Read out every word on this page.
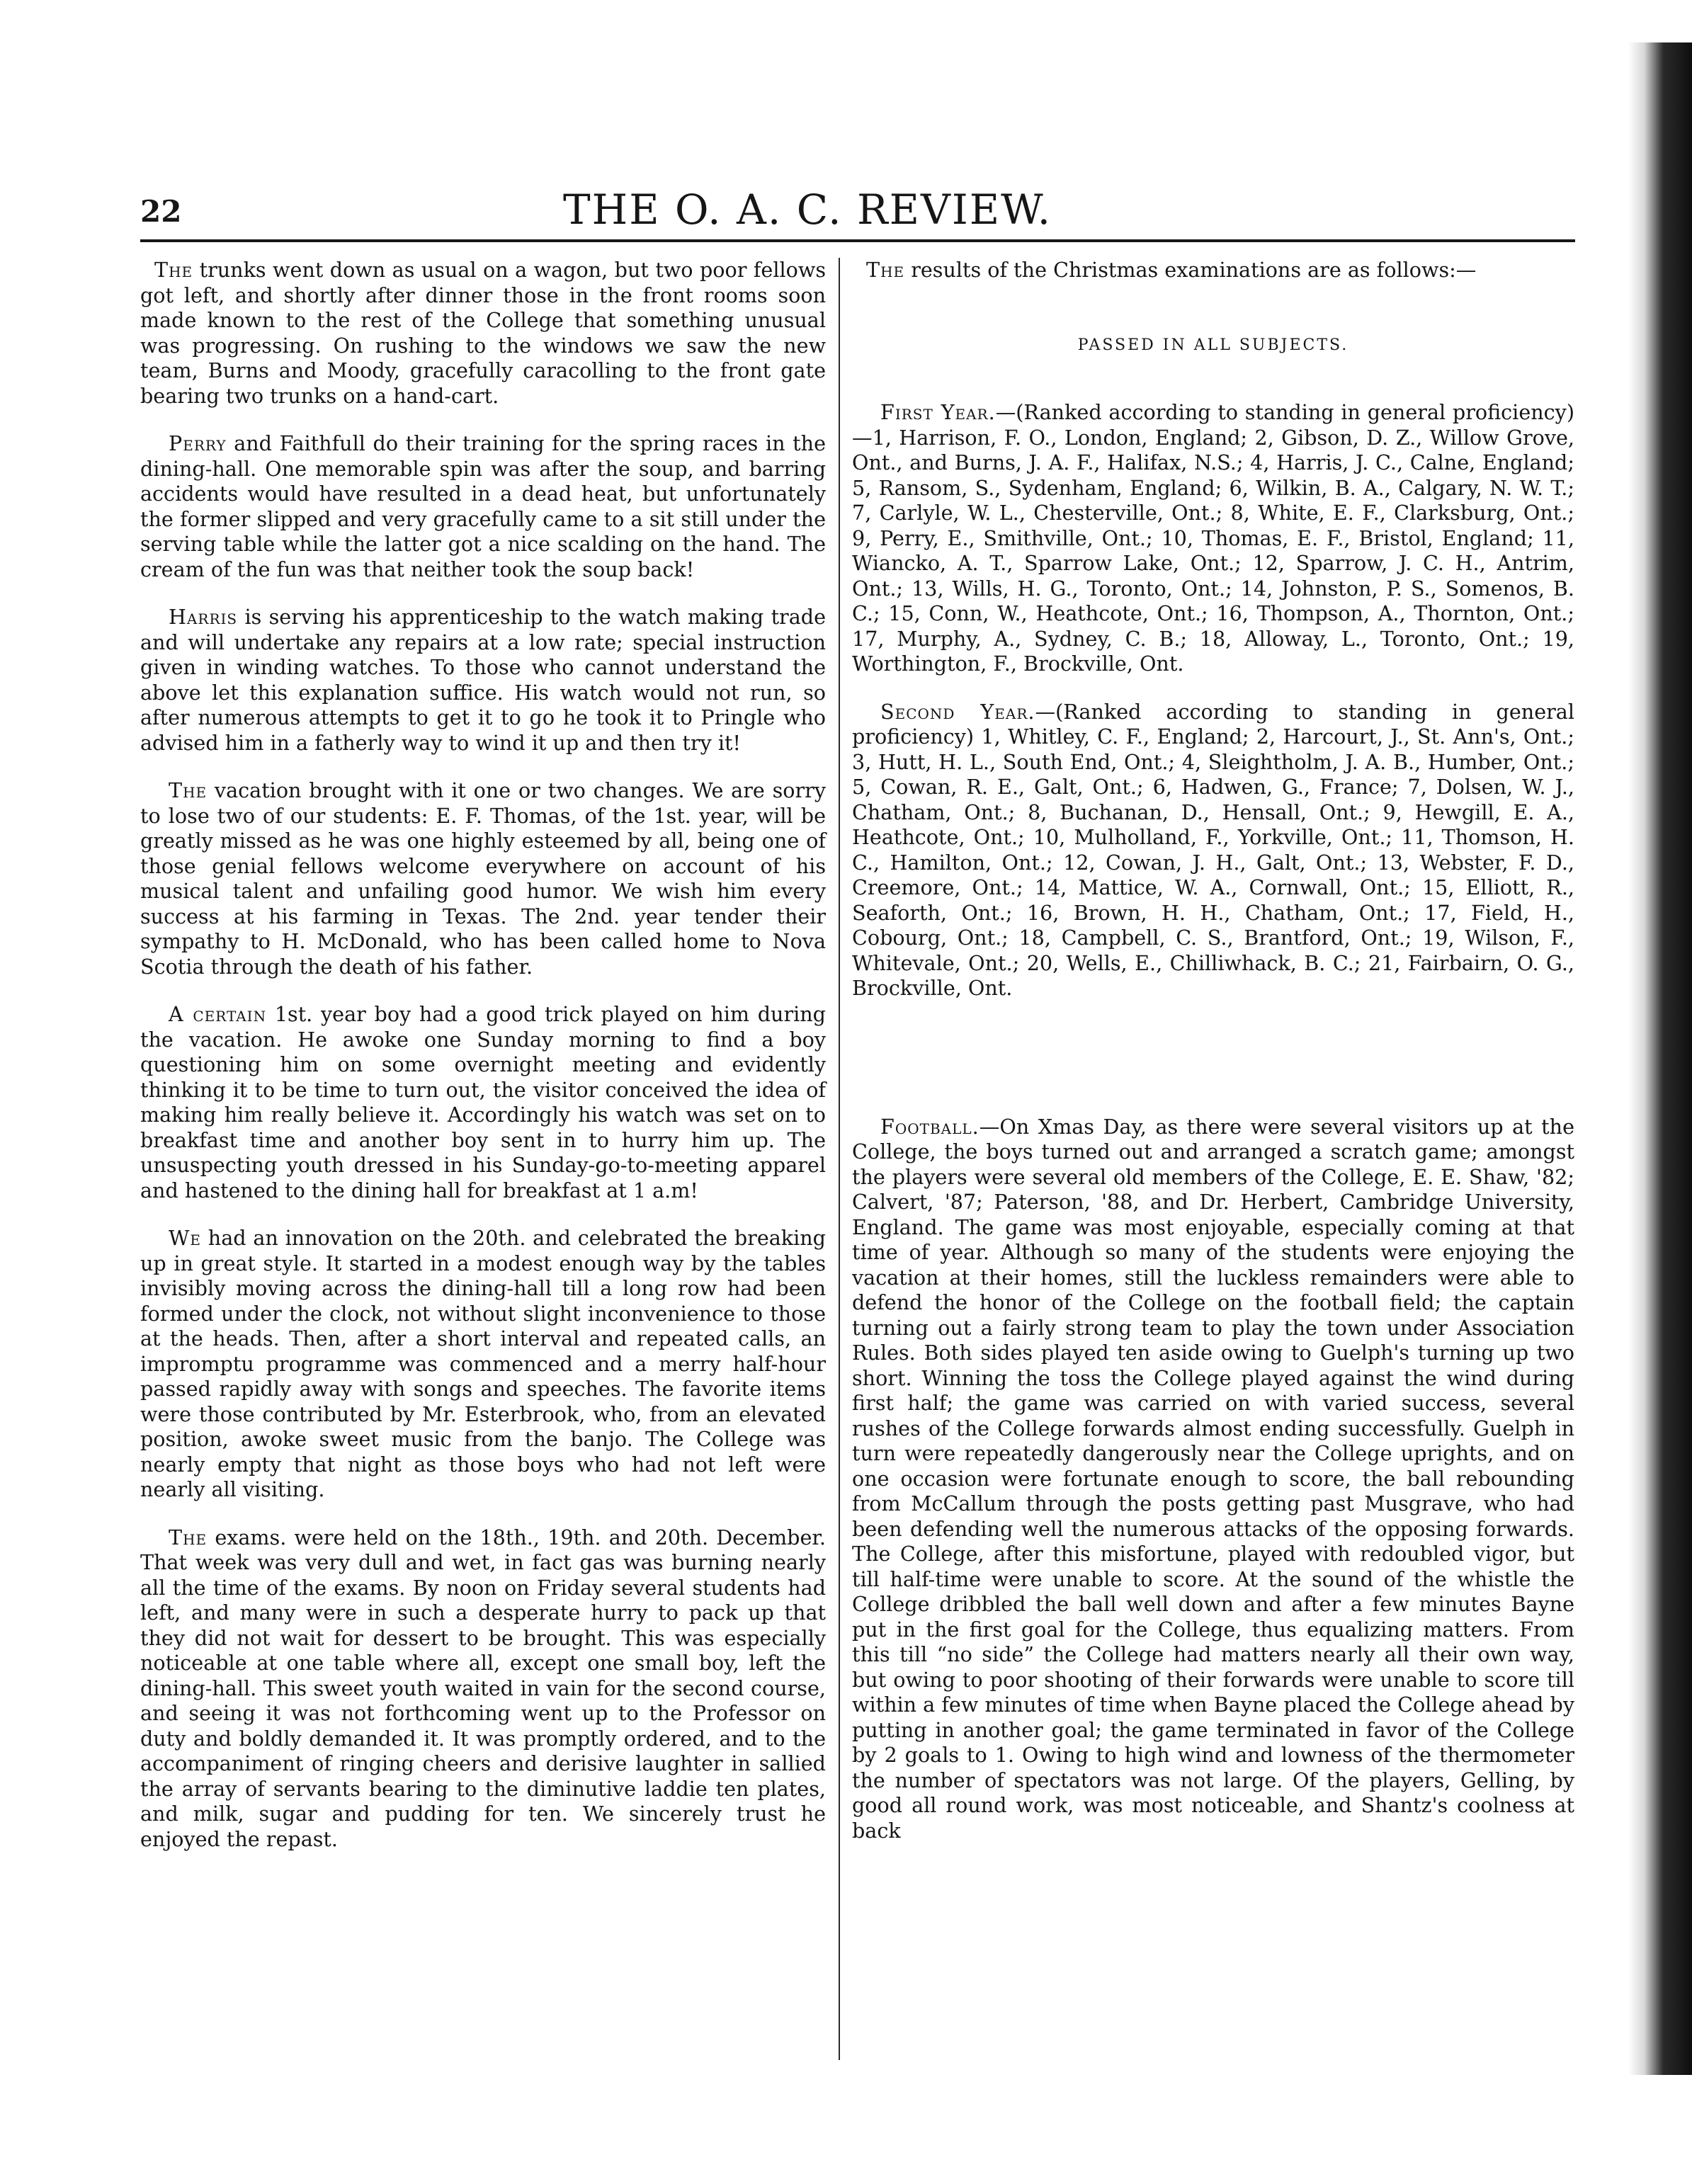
22	THE O. A. C. REVIEW.

The trunks went down as usual on a wagon, but two poor fellows got left, and shortly after dinner those in the front rooms soon made known to the rest of the College that something unusual was progressing. On rushing to the windows we saw the new team, Burns and Moody, gracefully caracolling to the front gate bearing two trunks on a hand-cart.

Perry and Faithfull do their training for the spring races in the dining-hall. One memorable spin was after the soup, and barring accidents would have resulted in a dead heat, but unfortunately the former slipped and very gracefully came to a sit still under the serving table while the latter got a nice scalding on the hand. The cream of the fun was that neither took the soup back!

Harris is serving his apprenticeship to the watch making trade and will undertake any repairs at a low rate; special instruction given in winding watches. To those who cannot understand the above let this explanation suffice. His watch would not run, so after numerous attempts to get it to go he took it to Pringle who advised him in a fatherly way to wind it up and then try it!

The vacation brought with it one or two changes. We are sorry to lose two of our students: E. F. Thomas, of the 1st. year, will be greatly missed as he was one highly esteemed by all, being one of those genial fellows welcome everywhere on account of his musical talent and unfailing good humor. We wish him every success at his farming in Texas. The 2nd. year tender their sympathy to H. McDonald, who has been called home to Nova Scotia through the death of his father.

A certain 1st. year boy had a good trick played on him during the vacation. He awoke one Sunday morning to find a boy questioning him on some overnight meeting and evidently thinking it to be time to turn out, the visitor conceived the idea of making him really believe it. Accordingly his watch was set on to breakfast time and another boy sent in to hurry him up. The unsuspecting youth dressed in his Sunday-go-to-meeting apparel and hastened to the dining hall for breakfast at 1 a.m!

We had an innovation on the 20th. and celebrated the breaking up in great style. It started in a modest enough way by the tables invisibly moving across the dining-hall till a long row had been formed under the clock, not without slight inconvenience to those at the heads. Then, after a short interval and repeated calls, an impromptu programme was commenced and a merry half-hour passed rapidly away with songs and speeches. The favorite items were those contributed by Mr. Esterbrook, who, from an elevated position, awoke sweet music from the banjo. The College was nearly empty that night as those boys who had not left were nearly all visiting.

The exams. were held on the 18th., 19th. and 20th. December. That week was very dull and wet, in fact gas was burning nearly all the time of the exams. By noon on Friday several students had left, and many were in such a desperate hurry to pack up that they did not wait for dessert to be brought. This was especially noticeable at one table where all, except one small boy, left the dining-hall. This sweet youth waited in vain for the second course, and seeing it was not forthcoming went up to the Professor on duty and boldly demanded it. It was promptly ordered, and to the accompaniment of ringing cheers and derisive laughter in sallied the array of servants bearing to the diminutive laddie ten plates, and milk, sugar and pudding for ten. We sincerely trust he enjoyed the repast.

The results of the Christmas examinations are as follows:—

PASSED IN ALL SUBJECTS.

First Year.—(Ranked according to standing in general proficiency)—1, Harrison, F. O., London, England; 2, Gibson, D. Z., Willow Grove, Ont., and Burns, J. A. F., Halifax, N.S.; 4, Harris, J. C., Calne, England; 5, Ransom, S., Sydenham, England; 6, Wilkin, B. A., Calgary, N. W. T.; 7, Carlyle, W. L., Chesterville, Ont.; 8, White, E. F., Clarksburg, Ont.; 9, Perry, E., Smithville, Ont.; 10, Thomas, E. F., Bristol, England; 11, Wiancko, A. T., Sparrow Lake, Ont.; 12, Sparrow, J. C. H., Antrim, Ont.; 13, Wills, H. G., Toronto, Ont.; 14, Johnston, P. S., Somenos, B. C.; 15, Conn, W., Heathcote, Ont.; 16, Thompson, A., Thornton, Ont.; 17, Murphy, A., Sydney, C. B.; 18, Alloway, L., Toronto, Ont.; 19, Worthington, F., Brockville, Ont.

Second Year.—(Ranked according to standing in general proficiency) 1, Whitley, C. F., England; 2, Harcourt, J., St. Ann's, Ont.; 3, Hutt, H. L., South End, Ont.; 4, Sleightholm, J. A. B., Humber, Ont.; 5, Cowan, R. E., Galt, Ont.; 6, Hadwen, G., France; 7, Dolsen, W. J., Chatham, Ont.; 8, Buchanan, D., Hensall, Ont.; 9, Hewgill, E. A., Heathcote, Ont.; 10, Mulholland, F., Yorkville, Ont.; 11, Thomson, H. C., Hamilton, Ont.; 12, Cowan, J. H., Galt, Ont.; 13, Webster, F. D., Creemore, Ont.; 14, Mattice, W. A., Cornwall, Ont.; 15, Elliott, R., Seaforth, Ont.; 16, Brown, H. H., Chatham, Ont.; 17, Field, H., Cobourg, Ont.; 18, Campbell, C. S., Brantford, Ont.; 19, Wilson, F., Whitevale, Ont.; 20, Wells, E., Chilliwhack, B. C.; 21, Fairbairn, O. G., Brockville, Ont.

Football.—On Xmas Day, as there were several visitors up at the College, the boys turned out and arranged a scratch game; amongst the players were several old members of the College, E. E. Shaw, '82; Calvert, '87; Paterson, '88, and Dr. Herbert, Cambridge University, England. The game was most enjoyable, especially coming at that time of year. Although so many of the students were enjoying the vacation at their homes, still the luckless remainders were able to defend the honor of the College on the football field; the captain turning out a fairly strong team to play the town under Association Rules. Both sides played ten aside owing to Guelph's turning up two short. Winning the toss the College played against the wind during first half; the game was carried on with varied success, several rushes of the College forwards almost ending successfully. Guelph in turn were repeatedly dangerously near the College uprights, and on one occasion were fortunate enough to score, the ball rebounding from McCallum through the posts getting past Musgrave, who had been defending well the numerous attacks of the opposing forwards. The College, after this misfortune, played with redoubled vigor, but till half-time were unable to score. At the sound of the whistle the College dribbled the ball well down and after a few minutes Bayne put in the first goal for the College, thus equalizing matters. From this till “no side” the College had matters nearly all their own way, but owing to poor shooting of their forwards were unable to score till within a few minutes of time when Bayne placed the College ahead by putting in another goal; the game terminated in favor of the College by 2 goals to 1. Owing to high wind and lowness of the thermometer the number of spectators was not large. Of the players, Gelling, by good all round work, was most noticeable, and Shantz's coolness at back
